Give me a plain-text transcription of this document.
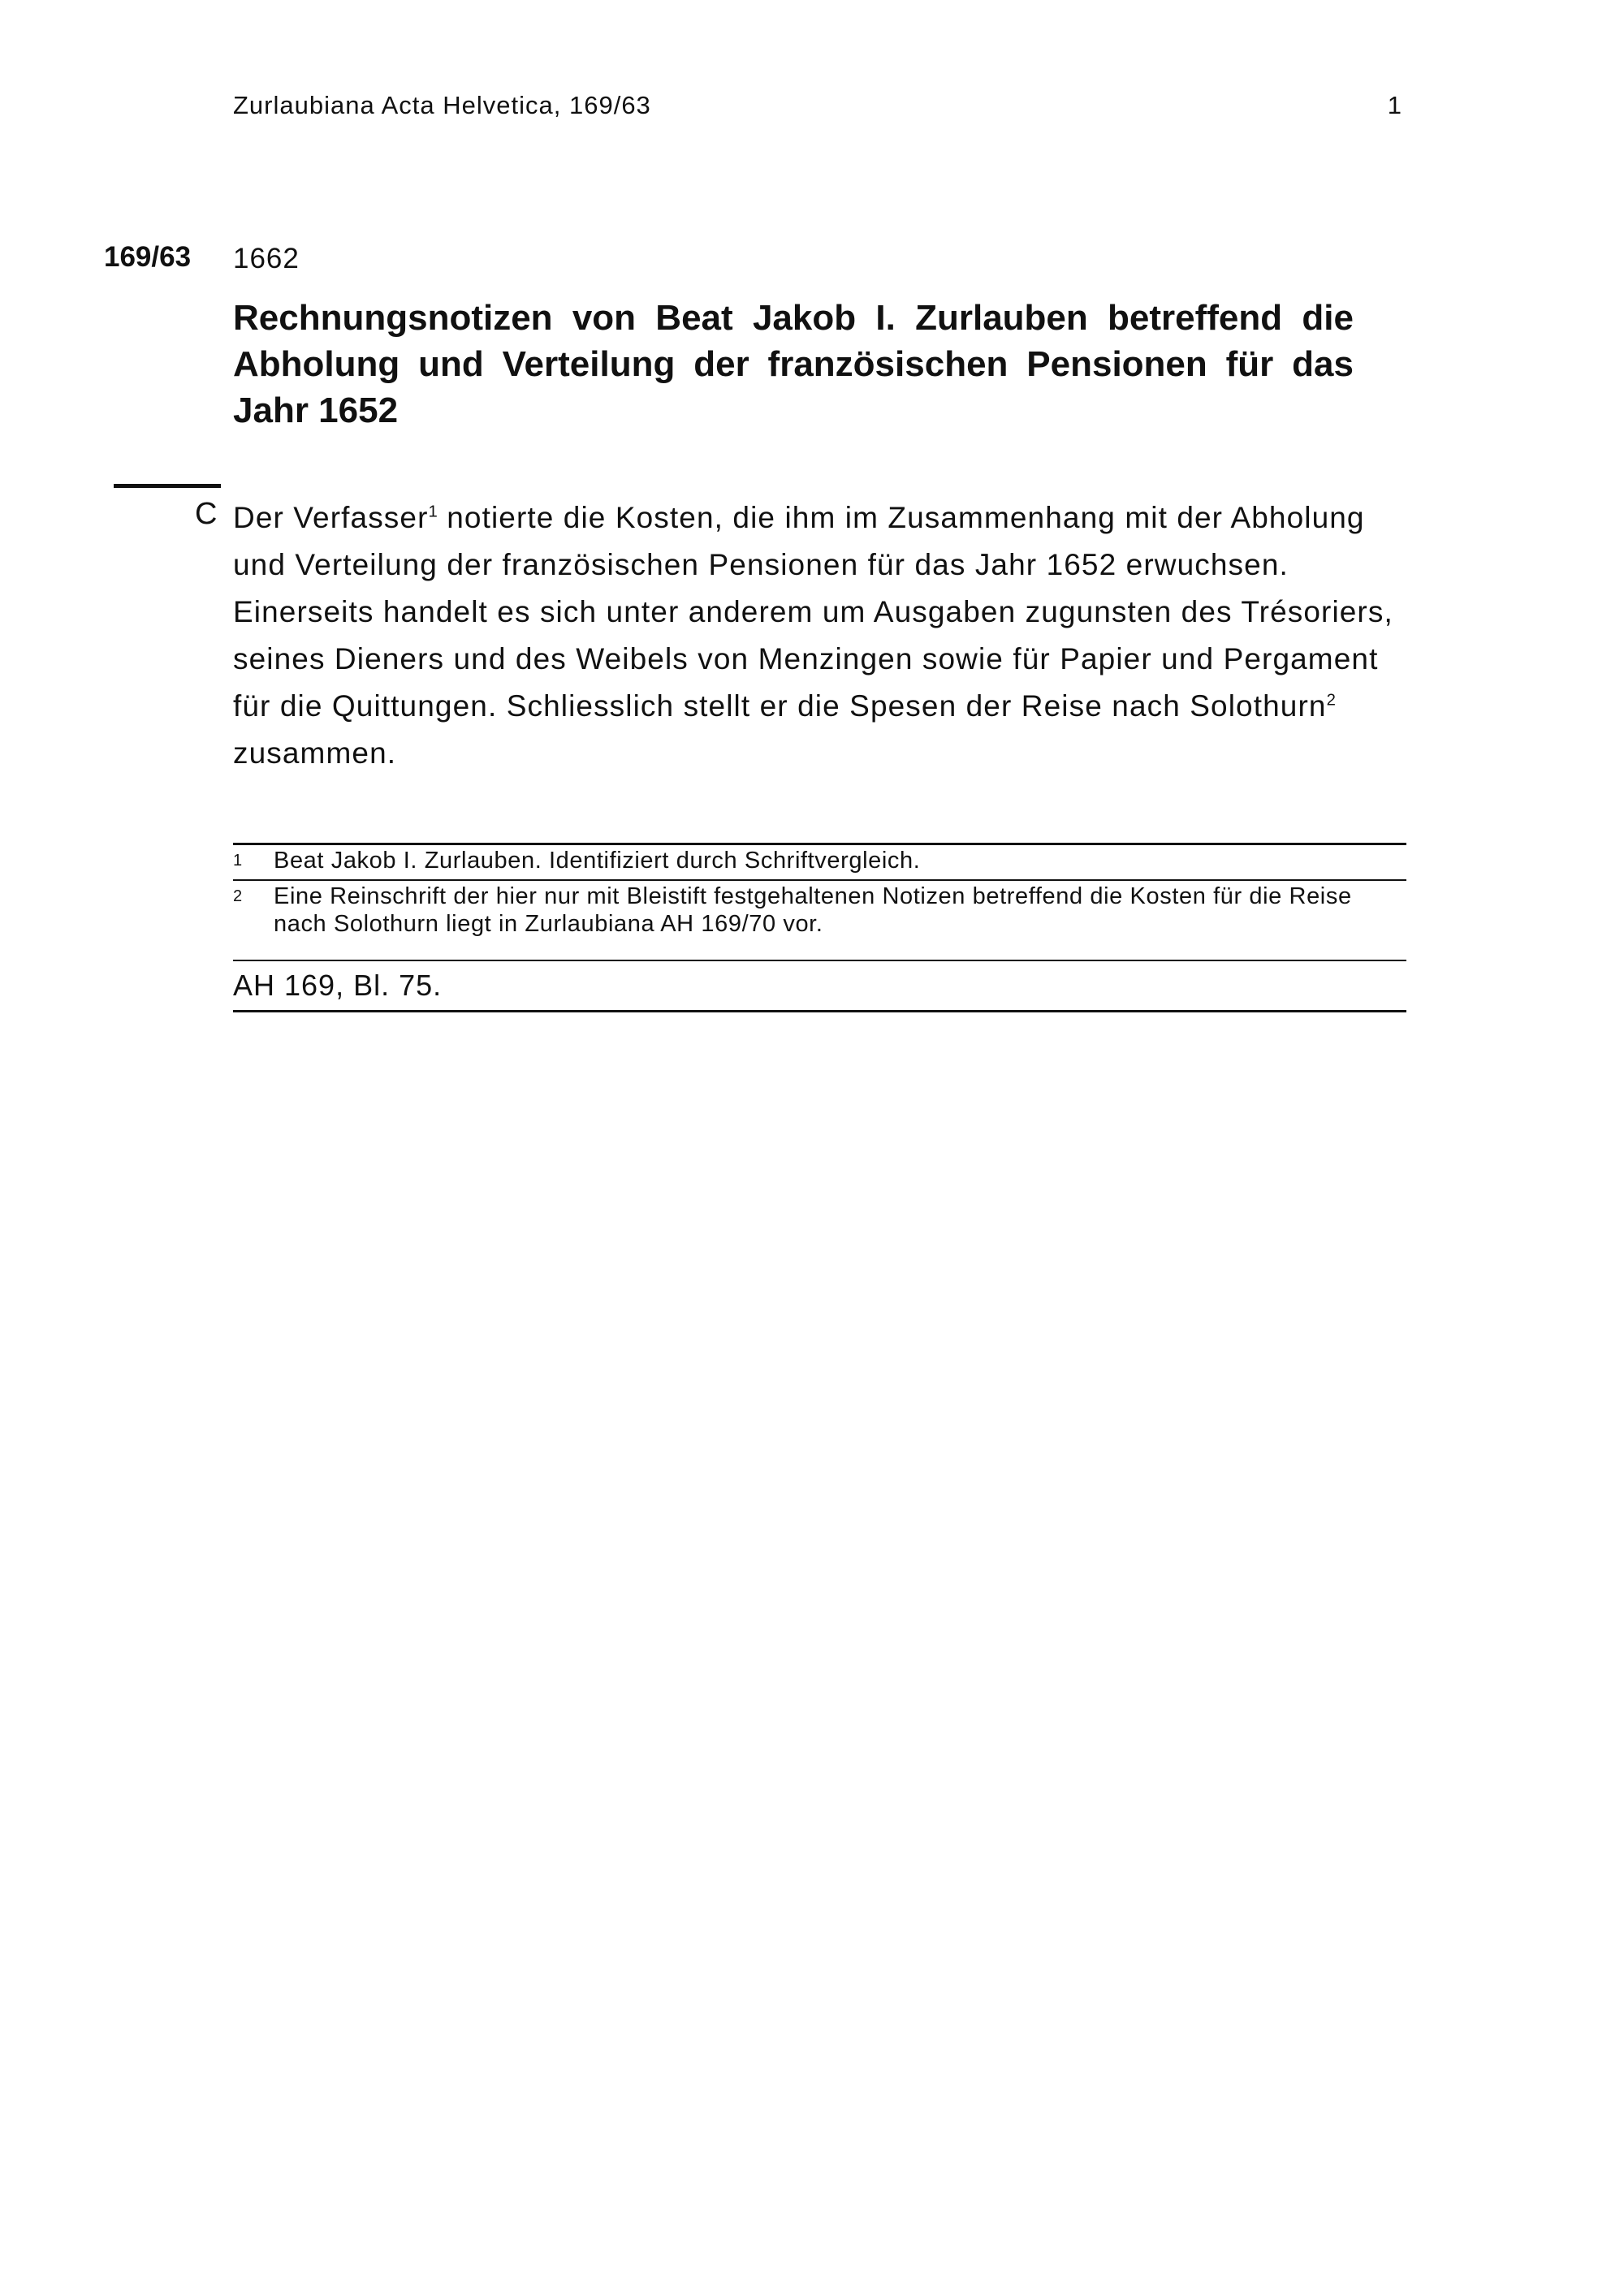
Zurlaubiana Acta Helvetica, 169/63	1
169/63	1662
Rechnungsnotizen von Beat Jakob I. Zurlauben betreffend die Abholung und Verteilung der französischen Pensionen für das Jahr 1652
C Der Verfasser$^1$ notierte die Kosten, die ihm im Zusammenhang mit der Abholung und Verteilung der französischen Pensionen für das Jahr 1652 erwuchsen. Einerseits handelt es sich unter anderem um Ausgaben zugunsten des Trésoriers, seines Dieners und des Weibels von Menzingen sowie für Papier und Pergament für die Quittungen. Schliesslich stellt er die Spesen der Reise nach Solothurn$^2$ zusammen.
1 Beat Jakob I. Zurlauben. Identifiziert durch Schriftvergleich.
2 Eine Reinschrift der hier nur mit Bleistift festgehaltenen Notizen betreffend die Kosten für die Reise nach Solothurn liegt in Zurlaubiana AH 169/70 vor.
AH 169, Bl. 75.
